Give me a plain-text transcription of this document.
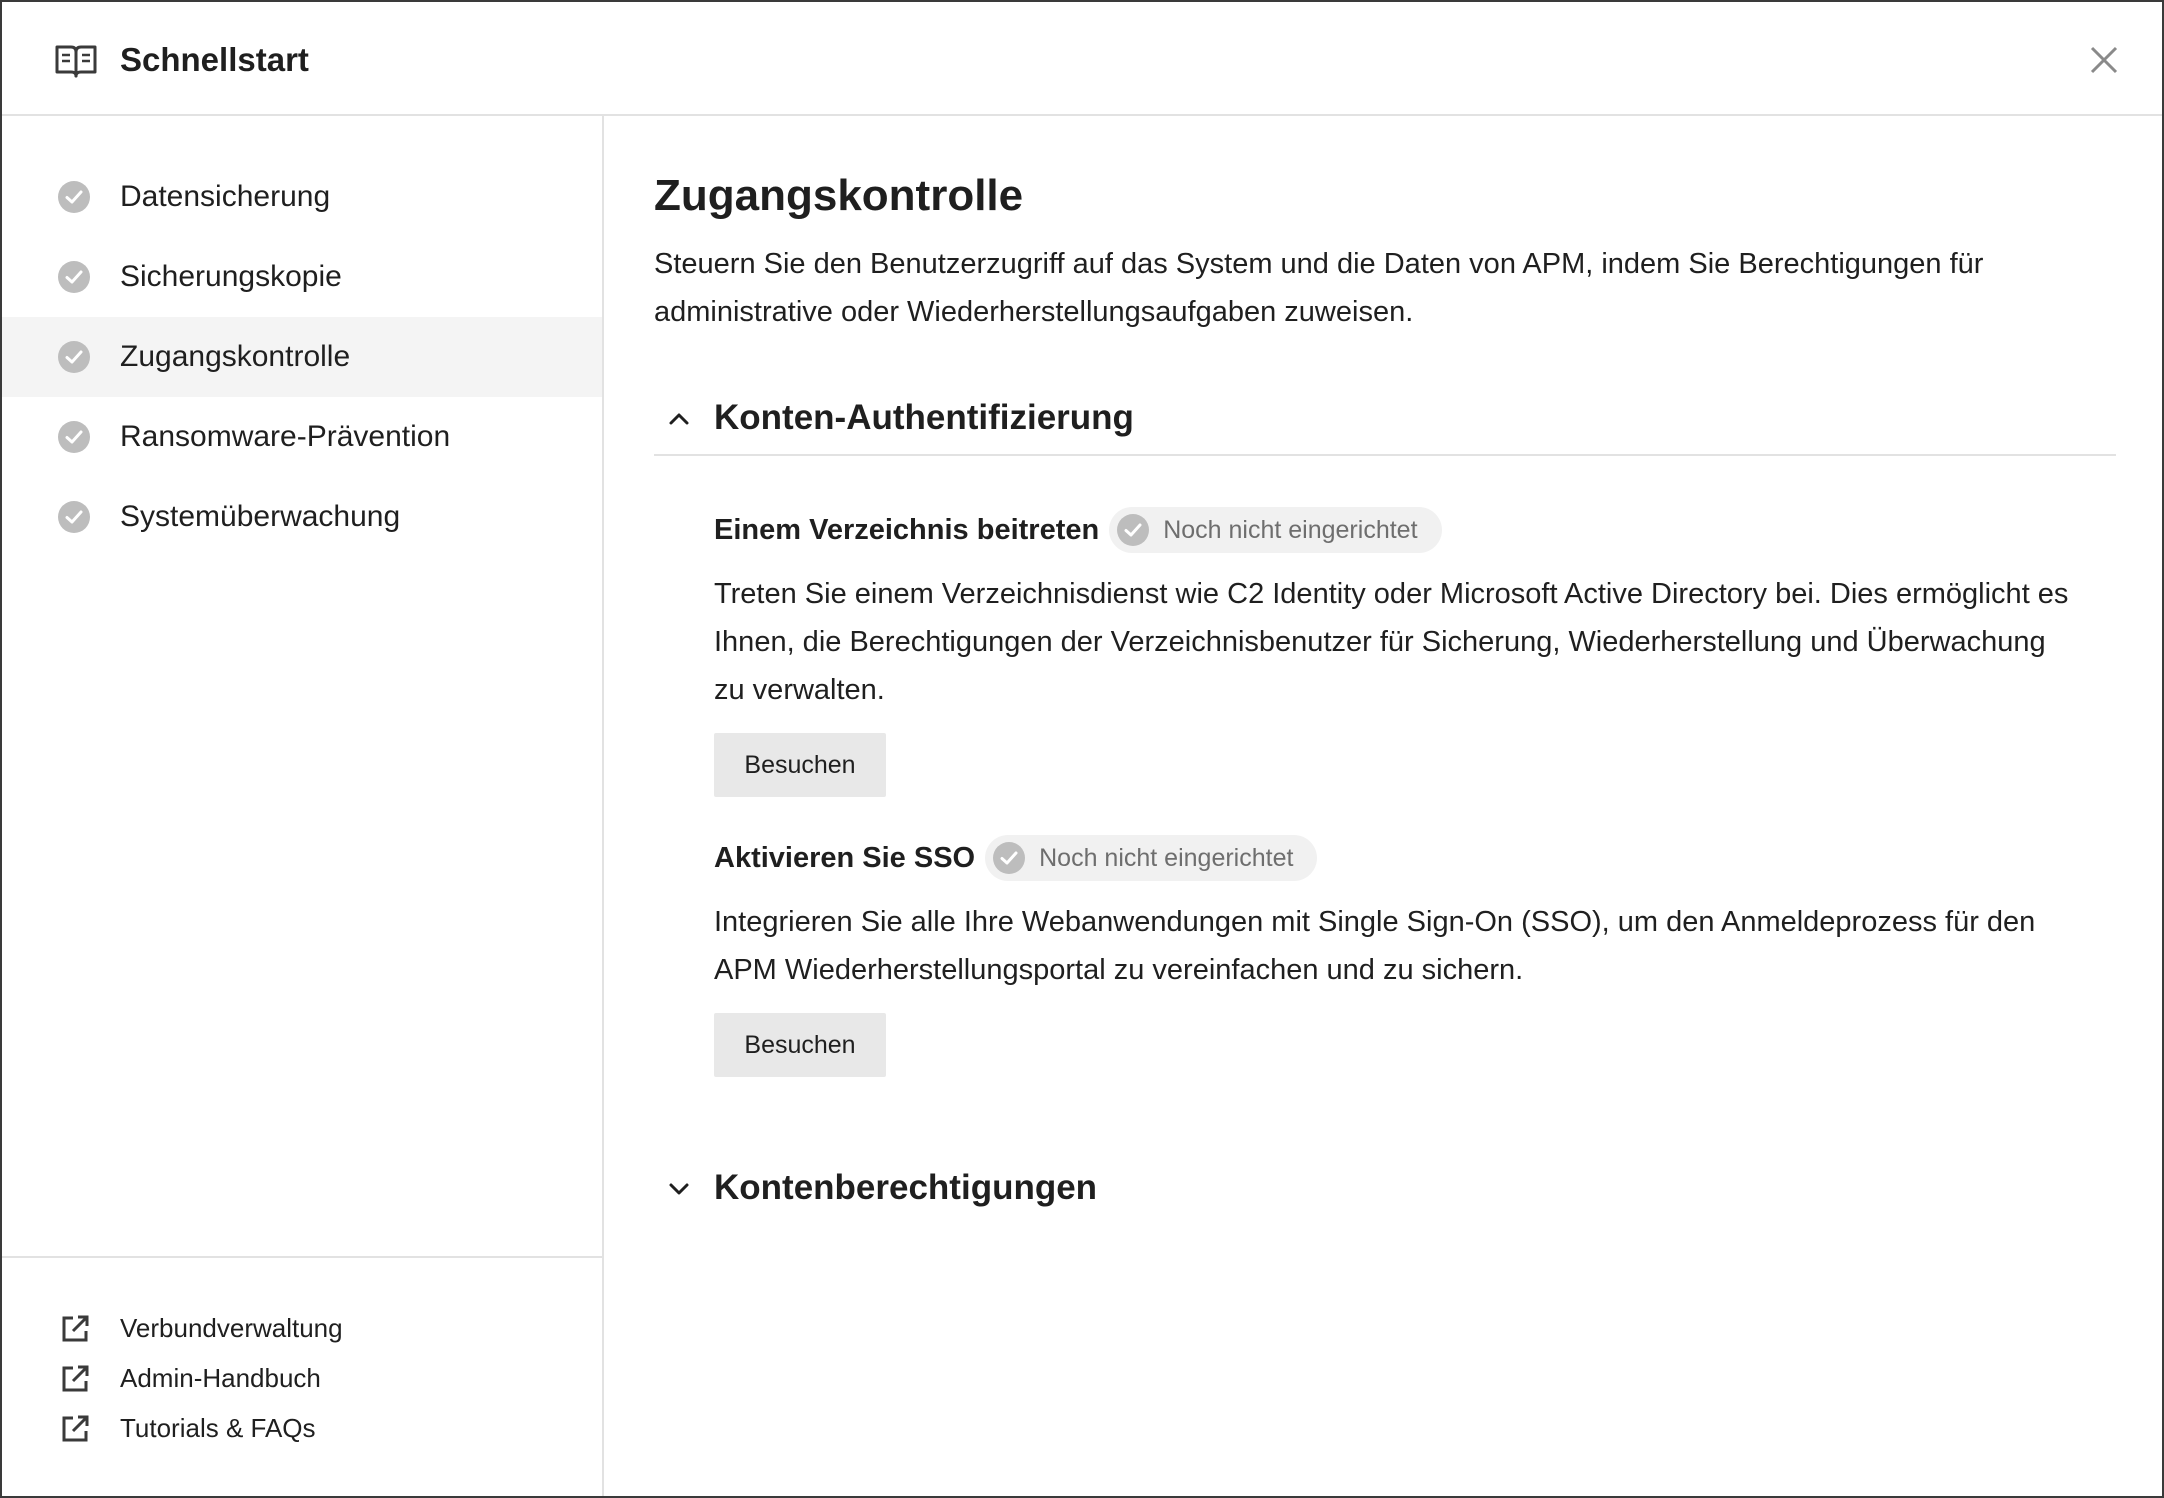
Schnellstart
Datensicherung
Sicherungskopie
Zugangskontrolle
Ransomware-Prävention
Systemüberwachung
Verbundverwaltung
Admin-Handbuch
Tutorials & FAQs
Zugangskontrolle
Steuern Sie den Benutzerzugriff auf das System und die Daten von APM, indem Sie Berechtigungen für administrative oder Wiederherstellungsaufgaben zuweisen.
Konten-Authentifizierung
Einem Verzeichnis beitreten	Noch nicht eingerichtet
Treten Sie einem Verzeichnisdienst wie C2 Identity oder Microsoft Active Directory bei. Dies ermöglicht es Ihnen, die Berechtigungen der Verzeichnisbenutzer für Sicherung, Wiederherstellung und Überwachung zu verwalten.
Besuchen
Aktivieren Sie SSO	Noch nicht eingerichtet
Integrieren Sie alle Ihre Webanwendungen mit Single Sign-On (SSO), um den Anmeldeprozess für den APM Wiederherstellungsportal zu vereinfachen und zu sichern.
Besuchen
Kontenberechtigungen
